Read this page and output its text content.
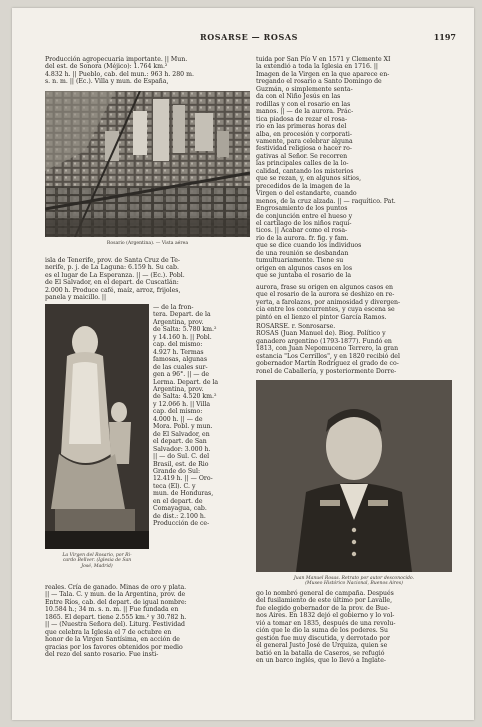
ROSARSE — ROSAS	1197

Producción agropecuaria importante. || Mun.

del est. de Sonora (Méjico): 1.764 km.²

4.832 h. || Pueblo, cab. del mun.: 963 h. 280 m.

s. n. m. || (Ec.). Villa y mun. de España,

Rosario (Argentina). — Vista aérea

tuida por San Pío V en 1571 y Clemente XI

la extendió a toda la Iglesia en 1716. ||

Imagen de la Virgen en la que aparece en-

tregando el rosario a Santo Domingo de

Guzmán, o simplemente senta-

da con el Niño Jesús en las

rodillas y con el rosario en las

manos. || — de la aurora. Prác-

tica piadosa de rezar el rosa-

rio en las primeras horas del

alba, en procesión y corporati-

vamente, para celebrar alguna

festividad religiosa o hacer ro-

gativas al Señor. Se recorren

las principales calles de la lo-

calidad, cantando los misterios

que se rezan, y, en algunos sitios,

precedidos de la imagen de la

Virgen o del estandarte, cuando

menos, de la cruz alzada. || — raquítico. Pat.

Engrosamiento de los puntos

de conjunción entre el hueso y

el cartílago de los niños raquí-

ticos. || Acabar como el rosa-

rio de la aurora. fr. fig. y fam.

que se dice cuando los individuos

de una reunión se desbandan

tumultuariamente. Tiene su

origen en algunos casos en los

que se juntaba el rosario de la

isla de Tenerife, prov. de Santa Cruz de Te-

nerife, p. j. de La Laguna: 6.159 h. Su cab.

es el lugar de La Esperanza. || — (Ec.). Pobl.

de El Salvador, en el depart. de Cuscatlán:

2.000 h. Produce café, maíz, arroz, frijoles,

panela y maicillo. ||

La Virgen del Rosario, por Ri-
cardo Bellver. (Iglesia de San
José, Madrid)

— de la fron-

tera. Depart. de la

Argentina, prov.

de Salta: 5.780 km.²

y 14.160 h. || Pobl.

cap. del mismo:

4.927 h. Termas

famosas, algunas

de las cuales sur-

gen a 96°. || — de

Lerma. Depart. de la

Argentina, prov.

de Salta: 4.520 km.²

y 12.066 h. || Villa

cap. del mismo:

4.000 h. || — de

Mora. Pobl. y mun.

de El Salvador, en

el depart. de San

Salvador: 3.000 h.

|| — do Sul. C. del

Brasil, est. de Rio

Grande do Sul:

12.419 h. || — Oro-

teca (El). C. y

mun. de Honduras,

en el depart. de

Comayagua, cab.

de dist.: 2.100 h.

Producción de ce-

aurora, frase su origen en algunos casos en

que el rosario de la aurora se deshizo en re-

yerta, a farolazos, por animosidad y divergen-

cia entre los concurrentes, y cuya escena se

pintó en el lienzo el pintor García Ramos.

ROSARSE. r. Sonrosarse.

ROSAS (Juan Manuel de). Biog. Político y

ganadero argentino (1793-1877). Fundó en

1813, con Juan Nepomuceno Terrero, la gran

estancia "Los Cerrillos", y en 1820 recibió del

gobernador Martín Rodríguez el grado de co-

ronel de Caballería, y posteriormente Dorre-

Juan Manuel Rosas. Retrato por autor desconocido.
(Museo Histórico Nacional, Buenos Aires)

reales. Cría de ganado. Minas de oro y plata.

|| — Tala. C. y mun. de la Argentina, prov. de

Entre Ríos, cab. del depart. de igual nombre:

10.584 h.; 34 m. s. n. m. || Fue fundada en

1865. El depart. tiene 2.555 km.² y 30.782 h.

|| — (Nuestra Señora del). Liturg. Festividad

que celebra la Iglesia el 7 de octubre en

honor de la Virgen Santísima, en acción de

gracias por los favores obtenidos por medio

del rezo del santo rosario. Fue insti-

go lo nombró general de campaña. Después

del fusilamiento de este último por Lavalle,

fue elegido gobernador de la prov. de Bue-

nos Aires. En 1832 dejó el gobierno y lo vol-

vió a tomar en 1835, después de una revolu-

ción que le dio la suma de los poderes. Su

gestión fue muy discutida, y derrotado por

el general Justo José de Urquiza, quien se

batió en la batalla de Caseros, se refugió

en un barco inglés, que lo llevó a Inglate-
